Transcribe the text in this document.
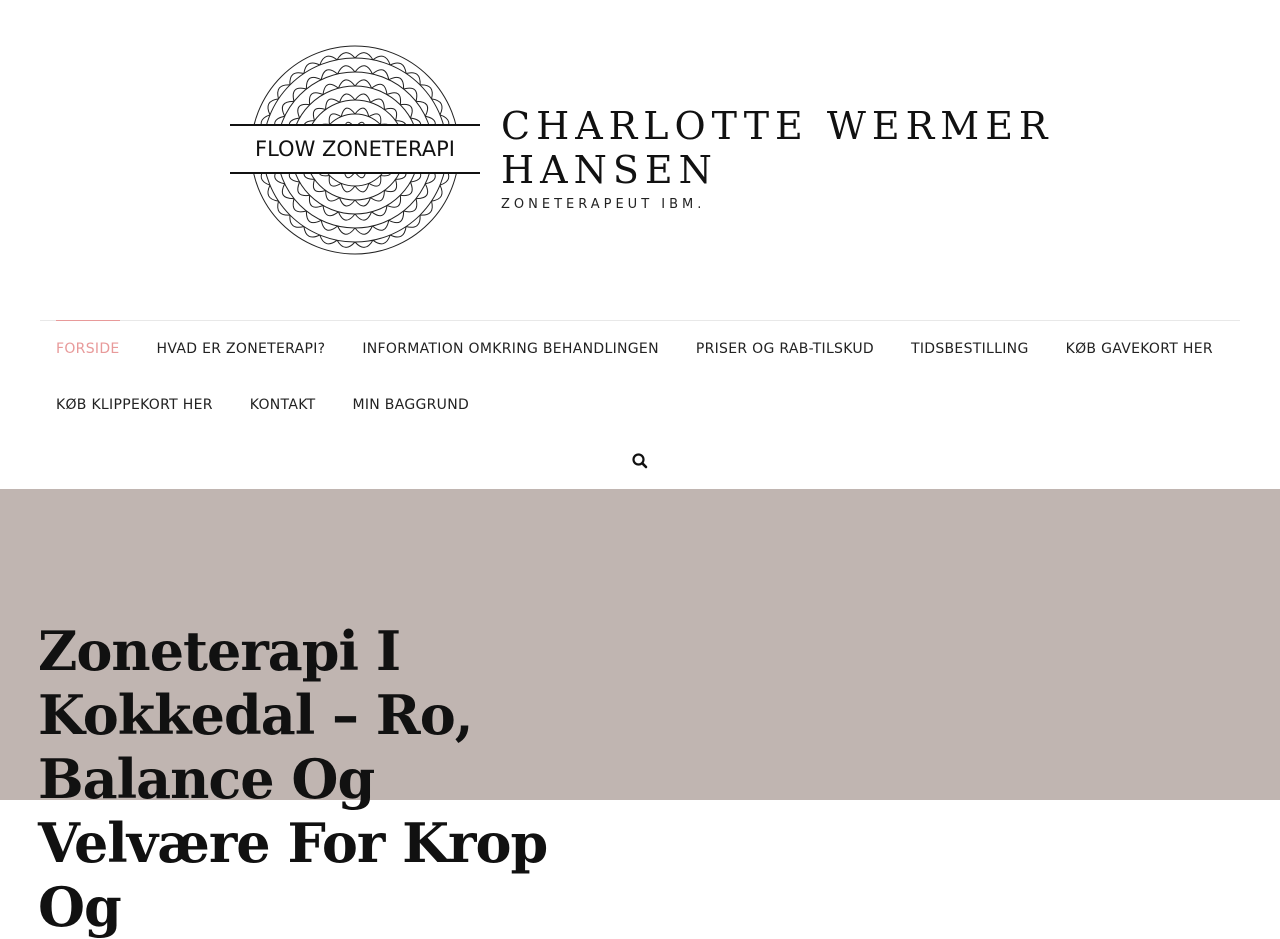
FLOW ZONETERAPI
CHARLOTTE WERMER HANSEN
ZONETERAPEUT IBM.
FORSIDE	HVAD ER ZONETERAPI?	INFORMATION OMKRING BEHANDLINGEN	PRISER OG RAB-TILSKUD	TIDSBESTILLING	KØB GAVEKORT HER
KØB KLIPPEKORT HER	KONTAKT	MIN BAGGRUND
Zoneterapi I Kokkedal – Ro, Balance Og Velvære For Krop Og
